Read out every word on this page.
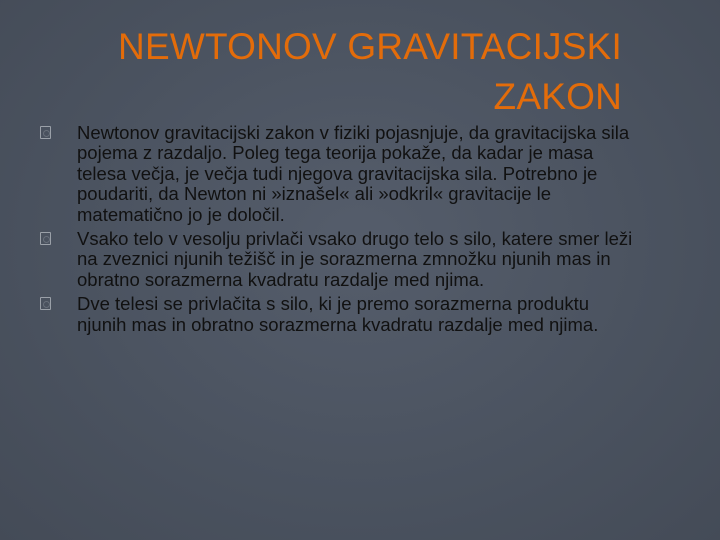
NEWTONOV GRAVITACIJSKI
ZAKON
Newtonov gravitacijski zakon v fiziki pojasnjuje, da gravitacijska sila pojema z razdaljo. Poleg tega teorija pokaže, da kadar je masa telesa večja, je večja tudi njegova gravitacijska sila. Potrebno je poudariti, da Newton ni »iznašel« ali »odkril« gravitacije le matematično jo je določil.
Vsako telo v vesolju privlači vsako drugo telo s silo, katere smer leži na zveznici njunih težišč in je sorazmerna zmnožku njunih mas in obratno sorazmerna kvadratu razdalje med njima.
Dve telesi se privlačita s silo, ki je premo sorazmerna produktu njunih mas in obratno sorazmerna kvadratu razdalje med njima.
